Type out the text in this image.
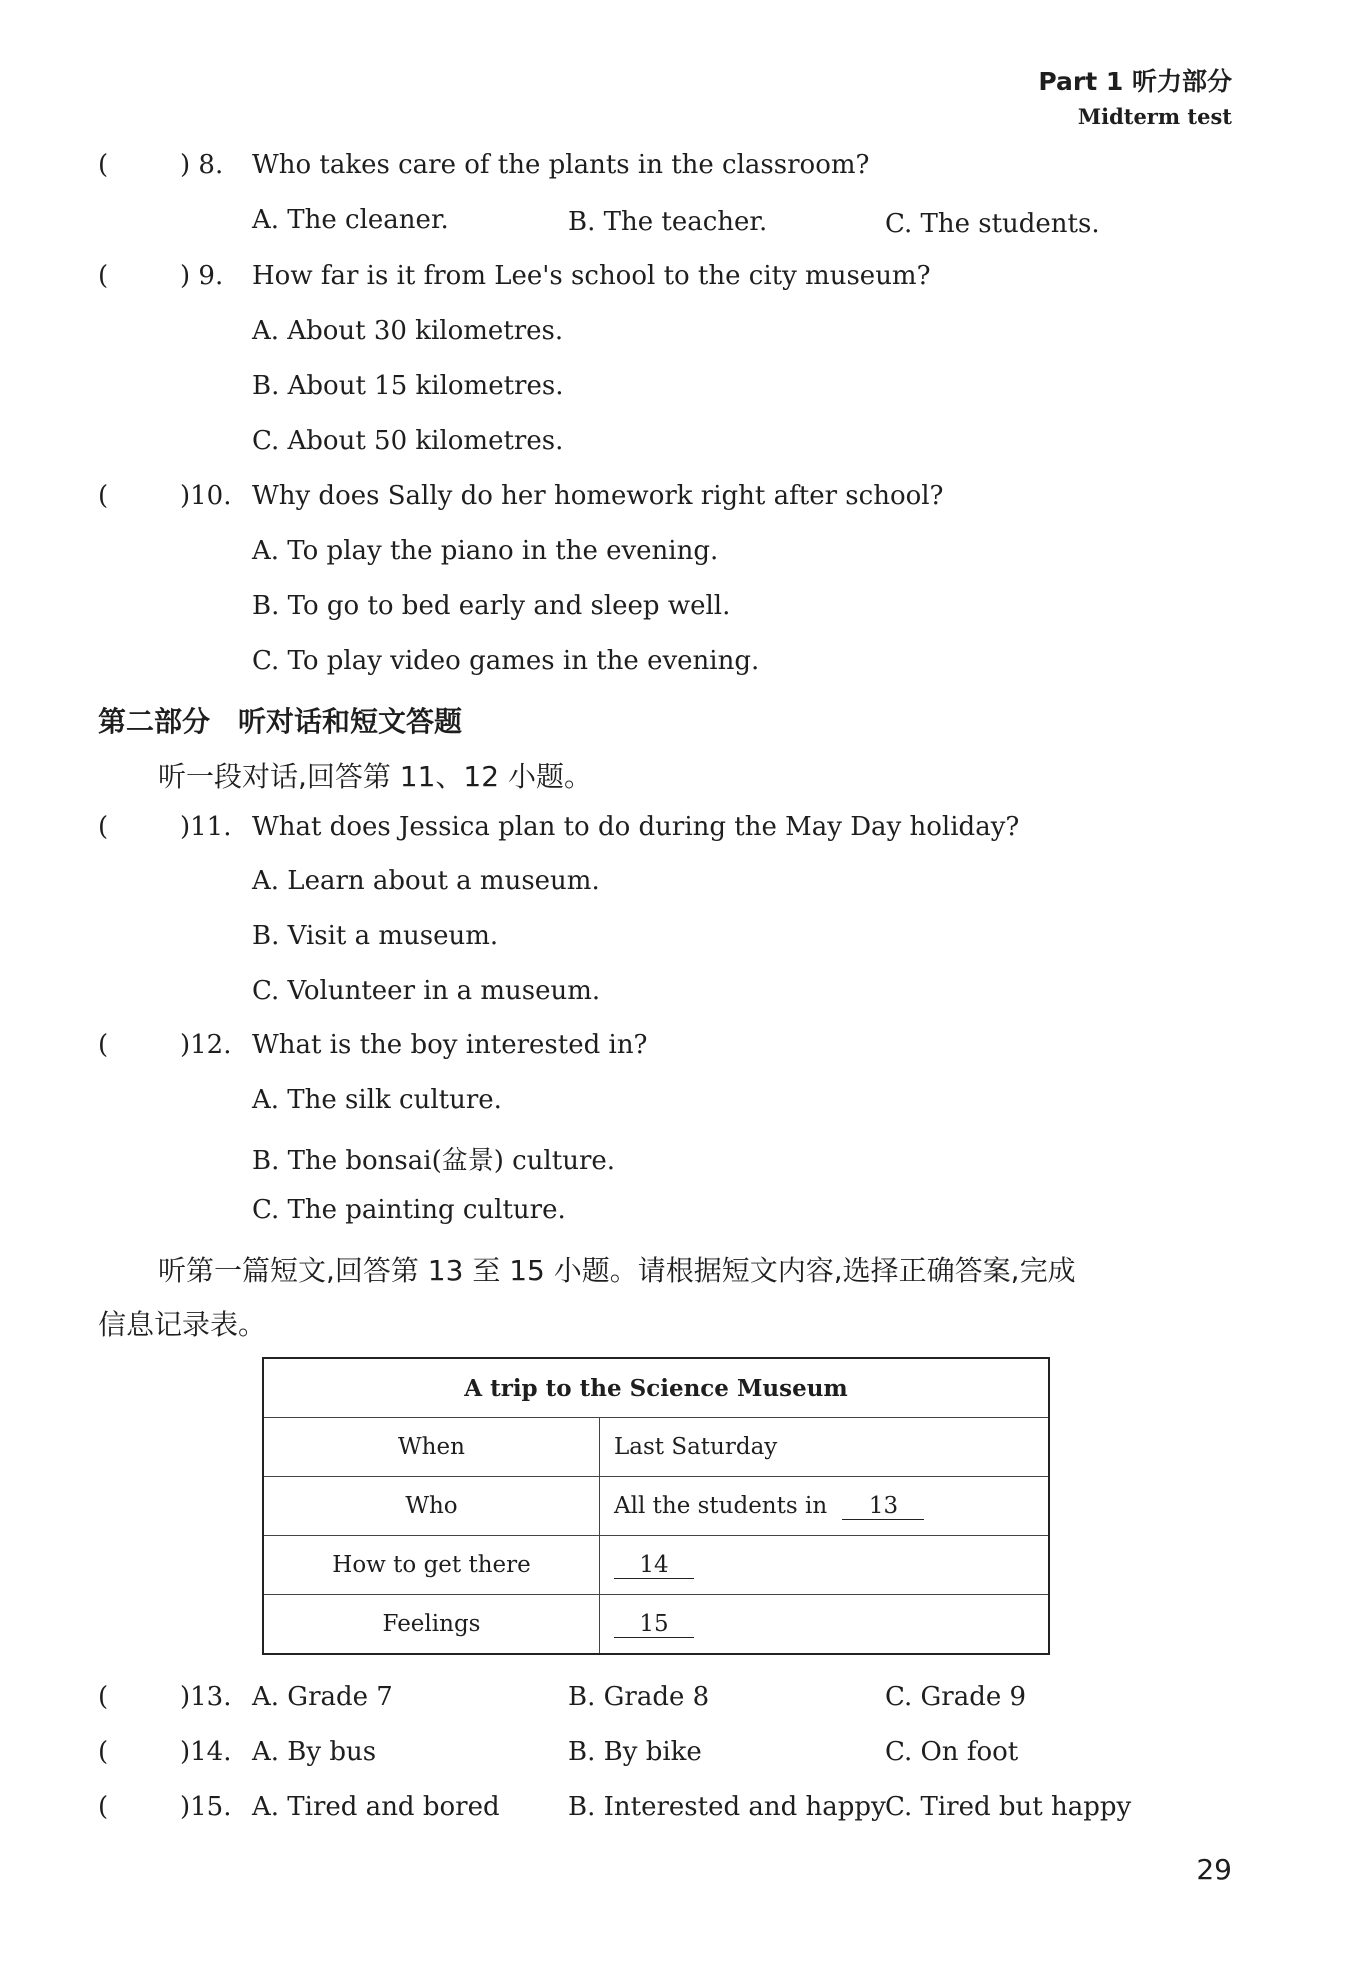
Part 1 听力部分
Midterm test
(	) 8. Who takes care of the plants in the classroom?
A. The cleaner.	B. The teacher.	C. The students.
(	) 9. How far is it from Lee's school to the city museum?
A. About 30 kilometres.
B. About 15 kilometres.
C. About 50 kilometres.
(	)10. Why does Sally do her homework right after school?
A. To play the piano in the evening.
B. To go to bed early and sleep well.
C. To play video games in the evening.
第二部分　听对话和短文答题
听一段对话,回答第 11、12 小题。
(	)11. What does Jessica plan to do during the May Day holiday?
A. Learn about a museum.
B. Visit a museum.
C. Volunteer in a museum.
(	)12. What is the boy interested in?
A. The silk culture.
B. The bonsai(盆景) culture.
C. The painting culture.
听第一篇短文,回答第 13 至 15 小题。请根据短文内容,选择正确答案,完成
信息记录表。
A trip to the Science Museum	
When	Last Saturday
Who	All the students in 13
How to get there	14
Feelings	15
(	)13. A. Grade 7	B. Grade 8	C. Grade 9
(	)14. A. By bus	B. By bike	C. On foot
(	)15. A. Tired and bored	B. Interested and happy C. Tired but happy
29
